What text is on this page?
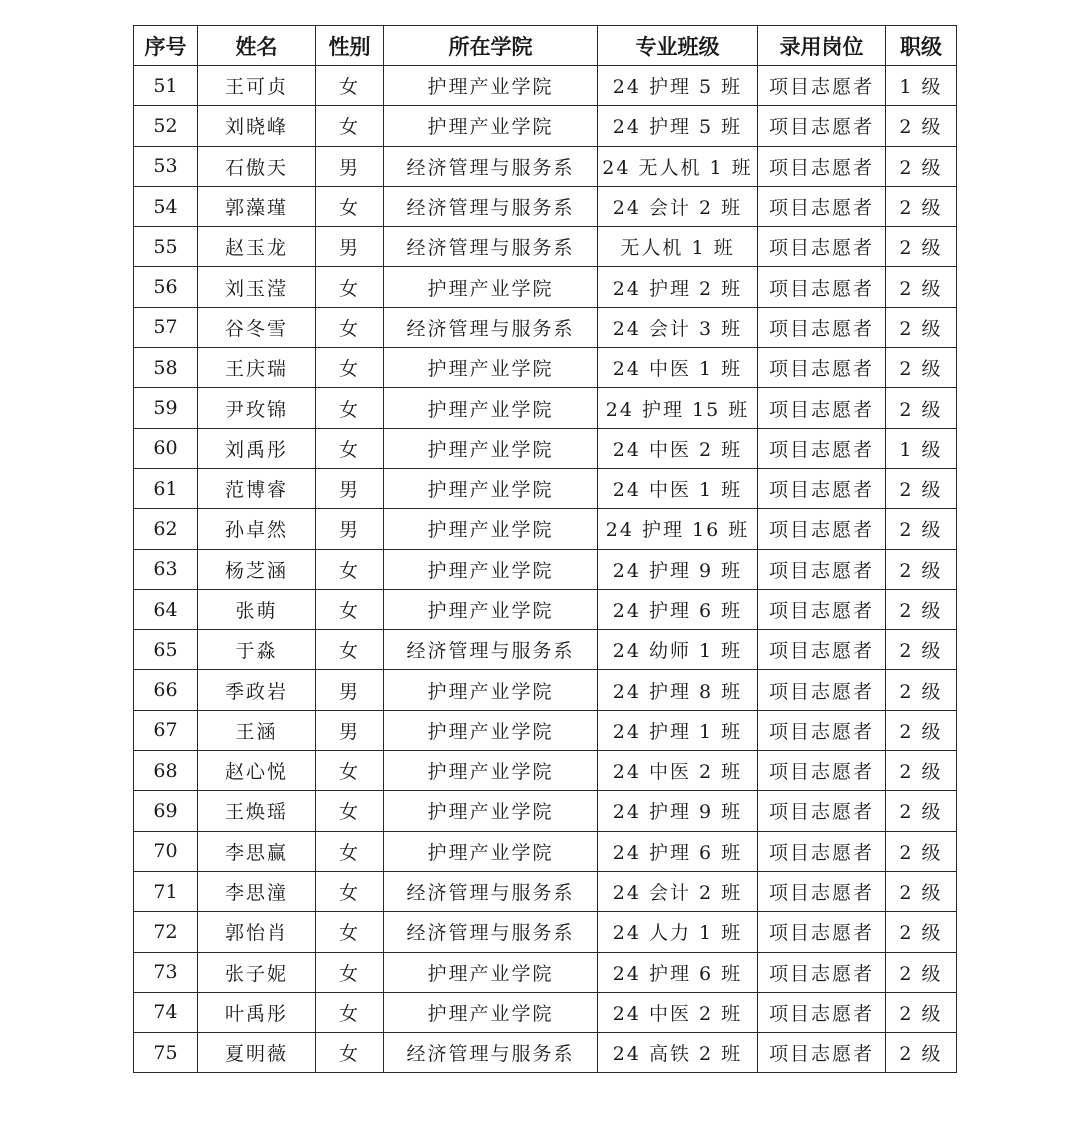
序号	姓名	性别	所在学院	专业班级	录用岗位	职级
51	王可贞	女	护理产业学院	24 护理 5 班	项目志愿者	1 级
52	刘晓峰	女	护理产业学院	24 护理 5 班	项目志愿者	2 级
53	石傲天	男	经济管理与服务系	24 无人机 1 班	项目志愿者	2 级
54	郭藻瑾	女	经济管理与服务系	24 会计 2 班	项目志愿者	2 级
55	赵玉龙	男	经济管理与服务系	无人机 1 班	项目志愿者	2 级
56	刘玉滢	女	护理产业学院	24 护理 2 班	项目志愿者	2 级
57	谷冬雪	女	经济管理与服务系	24 会计 3 班	项目志愿者	2 级
58	王庆瑞	女	护理产业学院	24 中医 1 班	项目志愿者	2 级
59	尹玫锦	女	护理产业学院	24 护理 15 班	项目志愿者	2 级
60	刘禹彤	女	护理产业学院	24 中医 2 班	项目志愿者	1 级
61	范博睿	男	护理产业学院	24 中医 1 班	项目志愿者	2 级
62	孙卓然	男	护理产业学院	24 护理 16 班	项目志愿者	2 级
63	杨芝涵	女	护理产业学院	24 护理 9 班	项目志愿者	2 级
64	张萌	女	护理产业学院	24 护理 6 班	项目志愿者	2 级
65	于淼	女	经济管理与服务系	24 幼师 1 班	项目志愿者	2 级
66	季政岩	男	护理产业学院	24 护理 8 班	项目志愿者	2 级
67	王涵	男	护理产业学院	24 护理 1 班	项目志愿者	2 级
68	赵心悦	女	护理产业学院	24 中医 2 班	项目志愿者	2 级
69	王焕瑶	女	护理产业学院	24 护理 9 班	项目志愿者	2 级
70	李思赢	女	护理产业学院	24 护理 6 班	项目志愿者	2 级
71	李思潼	女	经济管理与服务系	24 会计 2 班	项目志愿者	2 级
72	郭怡肖	女	经济管理与服务系	24 人力 1 班	项目志愿者	2 级
73	张子妮	女	护理产业学院	24 护理 6 班	项目志愿者	2 级
74	叶禹彤	女	护理产业学院	24 中医 2 班	项目志愿者	2 级
75	夏明薇	女	经济管理与服务系	24 高铁 2 班	项目志愿者	2 级
